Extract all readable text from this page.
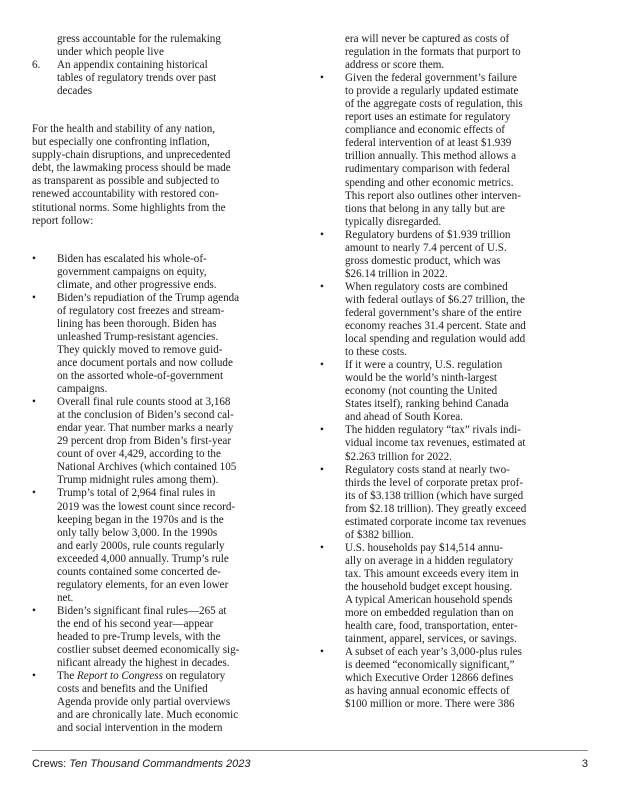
gress accountable for the rulemaking
under which people live
6. An appendix containing historical
tables of regulatory trends over past
decades
For the health and stability of any nation,
but especially one confronting inflation,
supply-chain disruptions, and unprecedented
debt, the lawmaking process should be made
as transparent as possible and subjected to
renewed accountability with restored con-
stitutional norms. Some highlights from the
report follow:
•	Biden has escalated his whole-of-
government campaigns on equity,
climate, and other progressive ends.
•	Biden’s repudiation of the Trump agenda
of regulatory cost freezes and stream-
lining has been thorough. Biden has
unleashed Trump-resistant agencies.
They quickly moved to remove guid-
ance document portals and now collude
on the assorted whole-of-government
campaigns.
•	Overall final rule counts stood at 3,168
at the conclusion of Biden’s second cal-
endar year. That number marks a nearly
29 percent drop from Biden’s first-year
count of over 4,429, according to the
National Archives (which contained 105
Trump midnight rules among them).
•	Trump’s total of 2,964 final rules in
2019 was the lowest count since record-
keeping began in the 1970s and is the
only tally below 3,000. In the 1990s
and early 2000s, rule counts regularly
exceeded 4,000 annually. Trump’s rule
counts contained some concerted de-
regulatory elements, for an even lower
net.
•	Biden’s significant final rules—265 at
the end of his second year—appear
headed to pre-Trump levels, with the
costlier subset deemed economically sig-
nificant already the highest in decades.
•	The Report to Congress on regulatory
costs and benefits and the Unified
Agenda provide only partial overviews
and are chronically late. Much economic
and social intervention in the modern
era will never be captured as costs of
regulation in the formats that purport to
address or score them.
•	Given the federal government’s failure
to provide a regularly updated estimate
of the aggregate costs of regulation, this
report uses an estimate for regulatory
compliance and economic effects of
federal intervention of at least $1.939
trillion annually. This method allows a
rudimentary comparison with federal
spending and other economic metrics.
This report also outlines other interven-
tions that belong in any tally but are
typically disregarded.
•	Regulatory burdens of $1.939 trillion
amount to nearly 7.4 percent of U.S.
gross domestic product, which was
$26.14 trillion in 2022.
•	When regulatory costs are combined
with federal outlays of $6.27 trillion, the
federal government’s share of the entire
economy reaches 31.4 percent. State and
local spending and regulation would add
to these costs.
•	If it were a country, U.S. regulation
would be the world’s ninth-largest
economy (not counting the United
States itself), ranking behind Canada
and ahead of South Korea.
•	The hidden regulatory “tax” rivals indi-
vidual income tax revenues, estimated at
$2.263 trillion for 2022.
•	Regulatory costs stand at nearly two-
thirds the level of corporate pretax prof-
its of $3.138 trillion (which have surged
from $2.18 trillion). They greatly exceed
estimated corporate income tax revenues
of $382 billion.
•	U.S. households pay $14,514 annu-
ally on average in a hidden regulatory
tax. This amount exceeds every item in
the household budget except housing.
A typical American household spends
more on embedded regulation than on
health care, food, transportation, enter-
tainment, apparel, services, or savings.
•	A subset of each year’s 3,000-plus rules
is deemed “economically significant,”
which Executive Order 12866 defines
as having annual economic effects of
$100 million or more. There were 386
Crews: Ten Thousand Commandments 2023	3
